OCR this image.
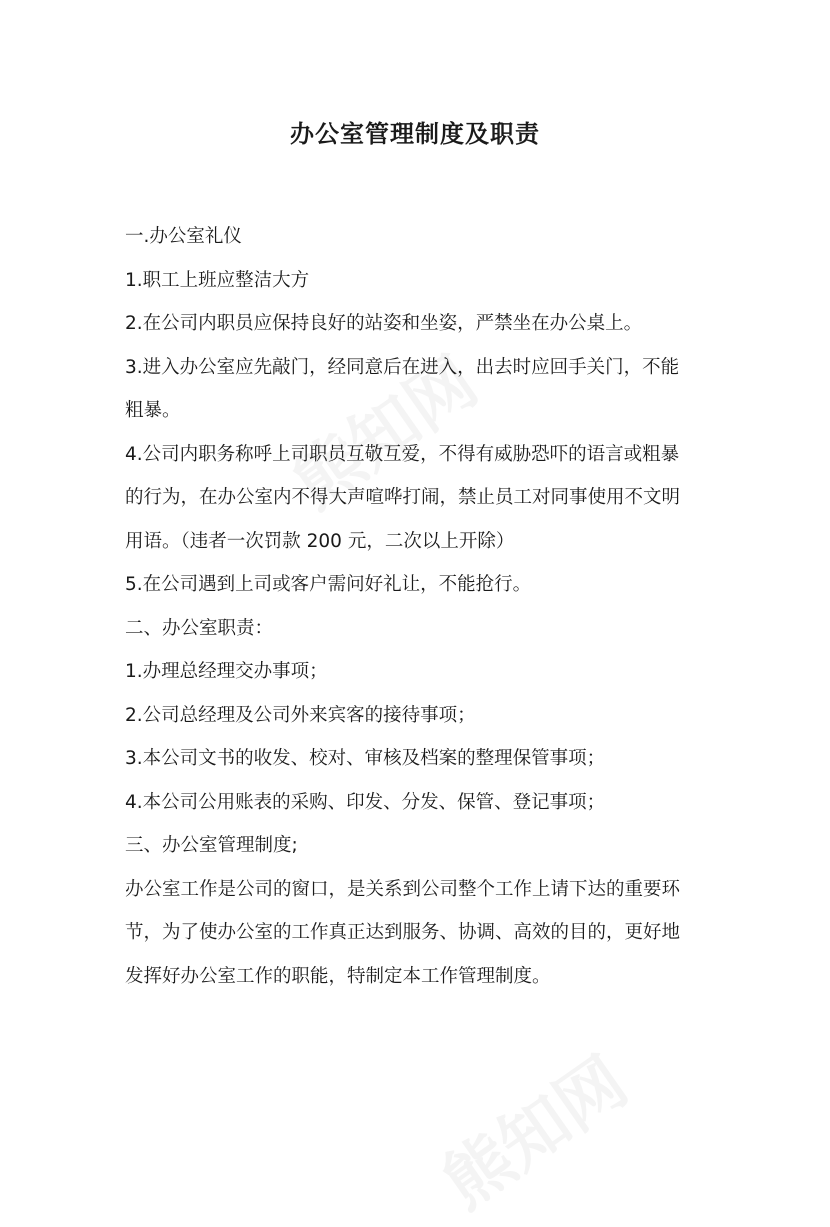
办公室管理制度及职责
一.办公室礼仪
1.职工上班应整洁大方
2.在公司内职员应保持良好的站姿和坐姿，严禁坐在办公桌上。
3.进入办公室应先敲门，经同意后在进入，出去时应回手关门，不能
粗暴。
4.公司内职务称呼上司职员互敬互爱，不得有威胁恐吓的语言或粗暴
的行为，在办公室内不得大声喧哗打闹，禁止员工对同事使用不文明
用语。（违者一次罚款 200 元，二次以上开除）
5.在公司遇到上司或客户需问好礼让，不能抢行。
二、办公室职责：
1.办理总经理交办事项；
2.公司总经理及公司外来宾客的接待事项；
3.本公司文书的收发、校对、审核及档案的整理保管事项；
4.本公司公用账表的采购、印发、分发、保管、登记事项；
三、办公室管理制度;
办公室工作是公司的窗口，是关系到公司整个工作上请下达的重要环
节，为了使办公室的工作真正达到服务、协调、高效的目的，更好地
发挥好办公室工作的职能，特制定本工作管理制度。
